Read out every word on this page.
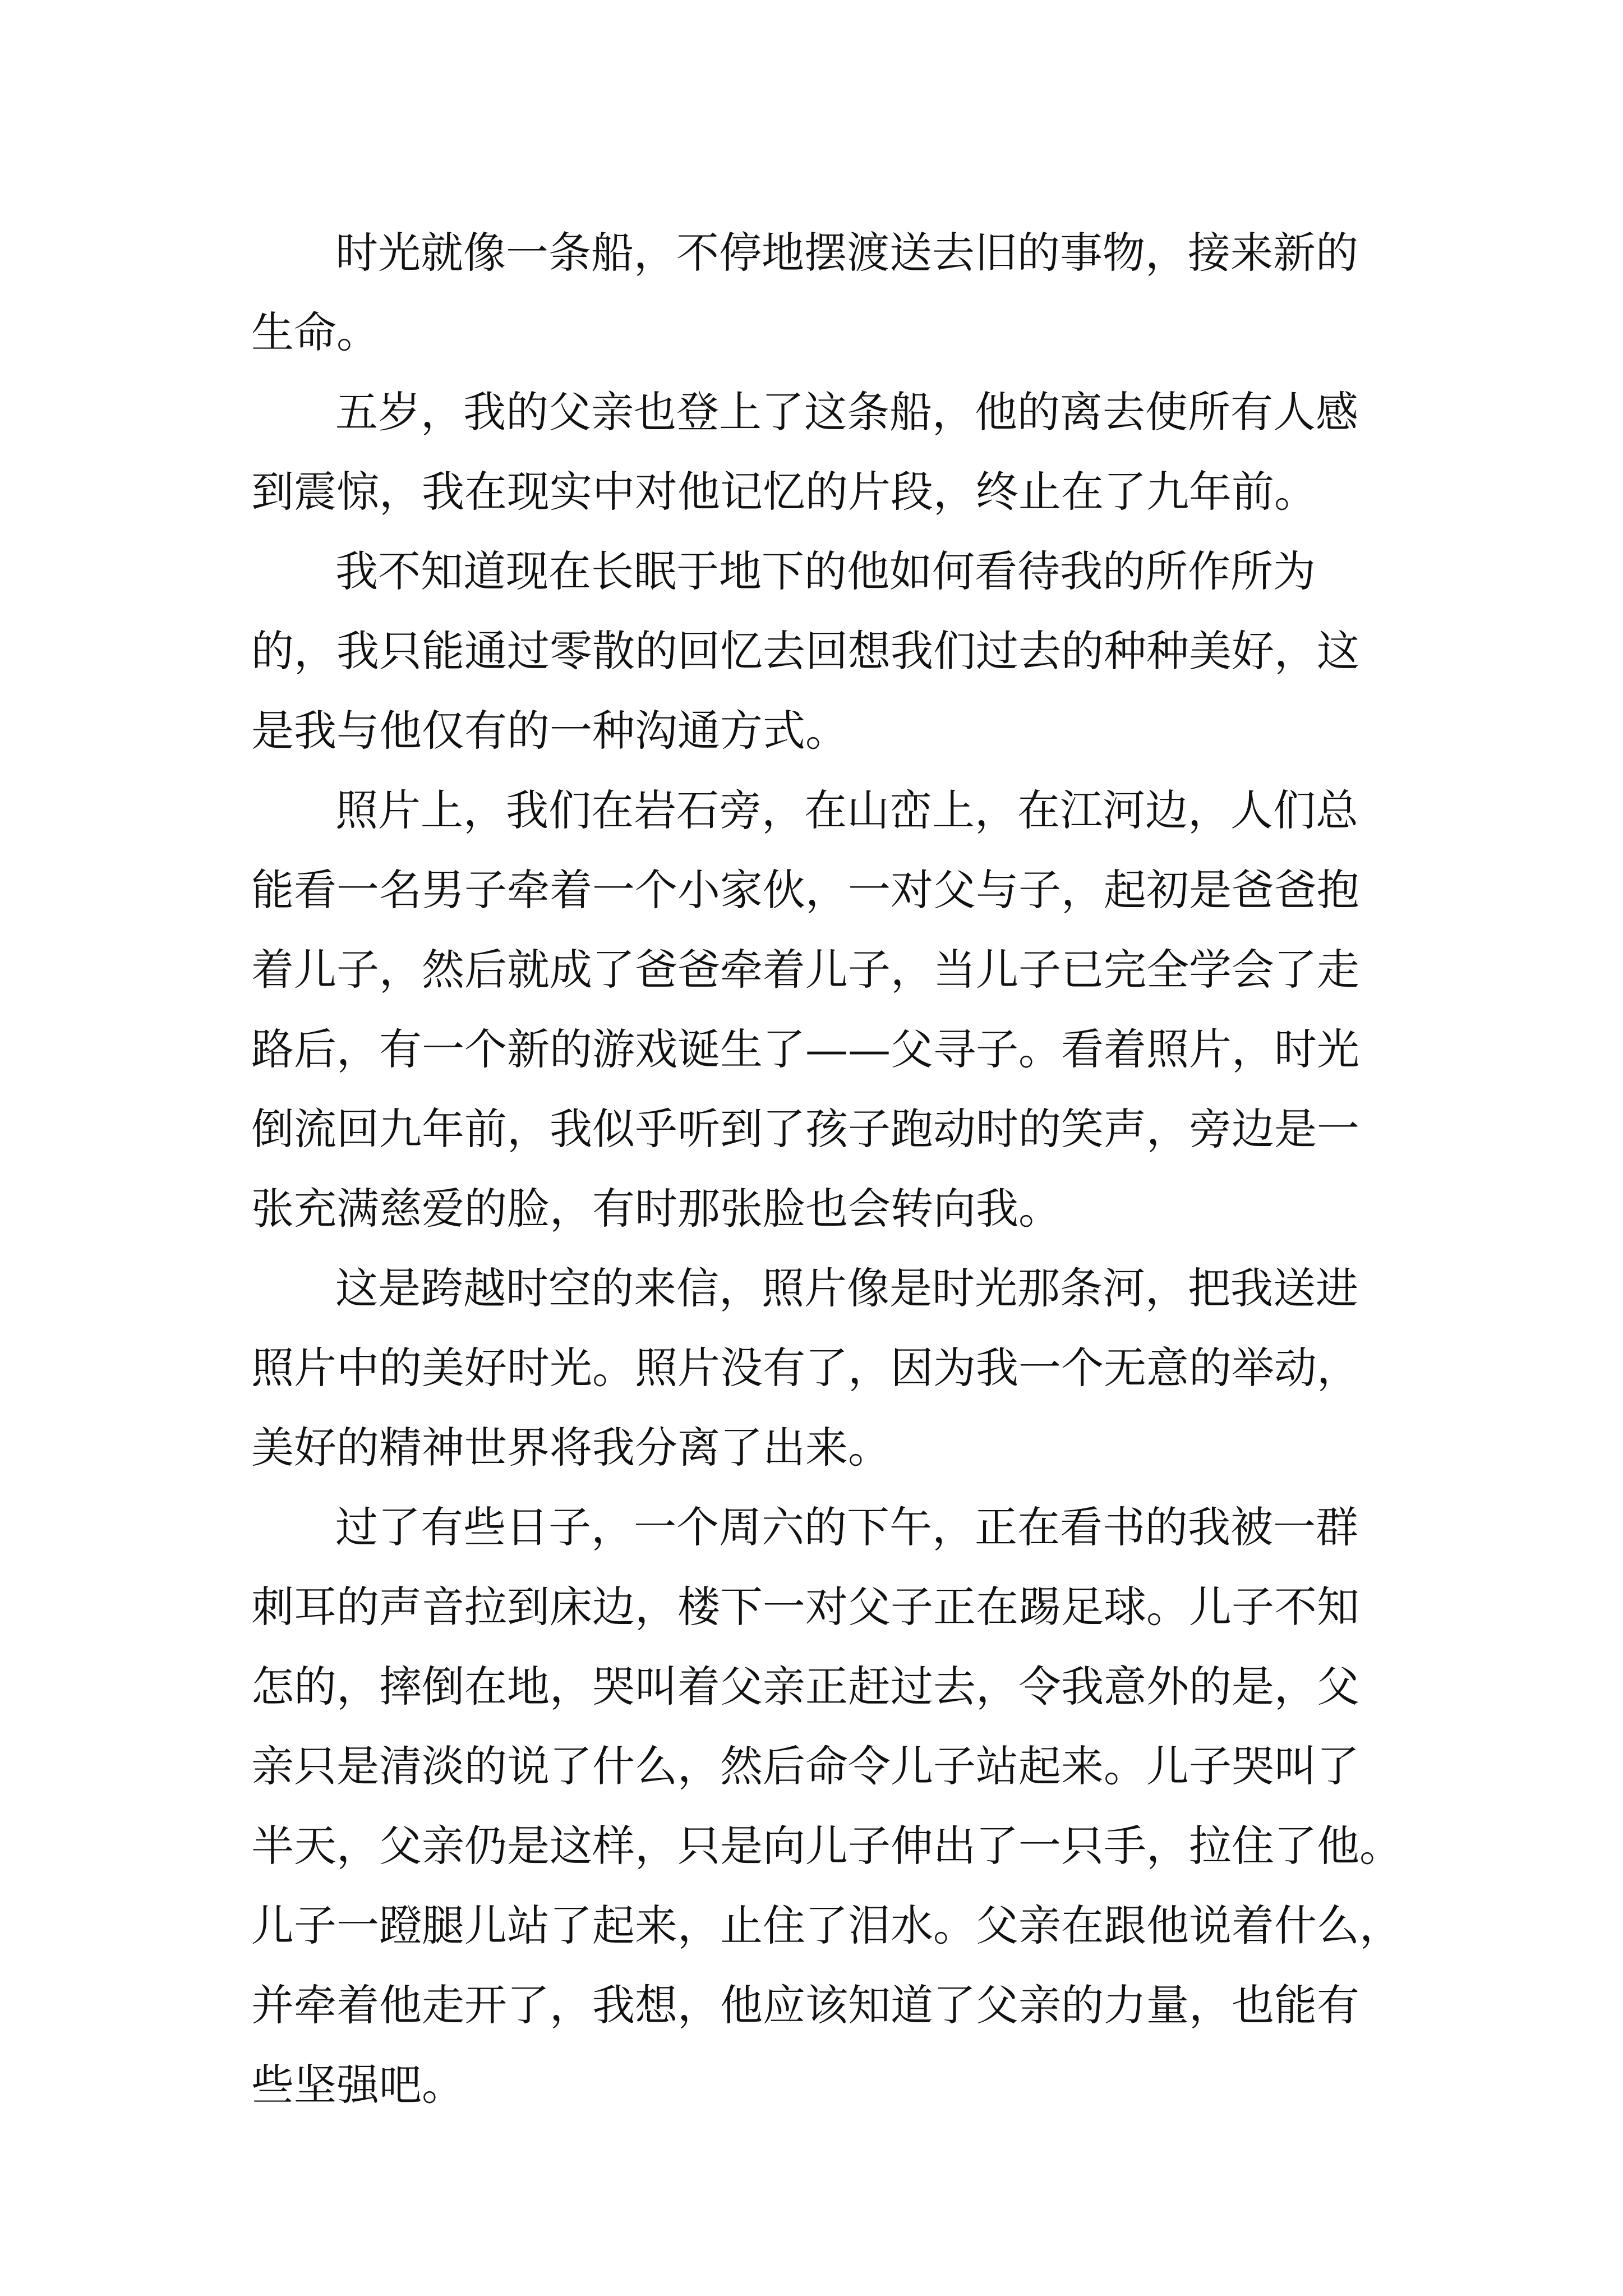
时光就像一条船，不停地摆渡送去旧的事物，接来新的
生命。
五岁，我的父亲也登上了这条船，他的离去使所有人感
到震惊，我在现实中对他记忆的片段，终止在了九年前。
我不知道现在长眠于地下的他如何看待我的所作所为
的，我只能通过零散的回忆去回想我们过去的种种美好，这
是我与他仅有的一种沟通方式。
照片上，我们在岩石旁，在山峦上，在江河边，人们总
能看一名男子牵着一个小家伙，一对父与子，起初是爸爸抱
着儿子，然后就成了爸爸牵着儿子，当儿子已完全学会了走
路后，有一个新的游戏诞生了——父寻子。看着照片，时光
倒流回九年前，我似乎听到了孩子跑动时的笑声，旁边是一
张充满慈爱的脸，有时那张脸也会转向我。
这是跨越时空的来信，照片像是时光那条河，把我送进
照片中的美好时光。照片没有了，因为我一个无意的举动，
美好的精神世界将我分离了出来。
过了有些日子，一个周六的下午，正在看书的我被一群
刺耳的声音拉到床边，楼下一对父子正在踢足球。儿子不知
怎的，摔倒在地，哭叫着父亲正赶过去，令我意外的是，父
亲只是清淡的说了什么，然后命令儿子站起来。儿子哭叫了
半天，父亲仍是这样，只是向儿子伸出了一只手，拉住了他。
儿子一蹬腿儿站了起来，止住了泪水。父亲在跟他说着什么，
并牵着他走开了，我想，他应该知道了父亲的力量，也能有
些坚强吧。
